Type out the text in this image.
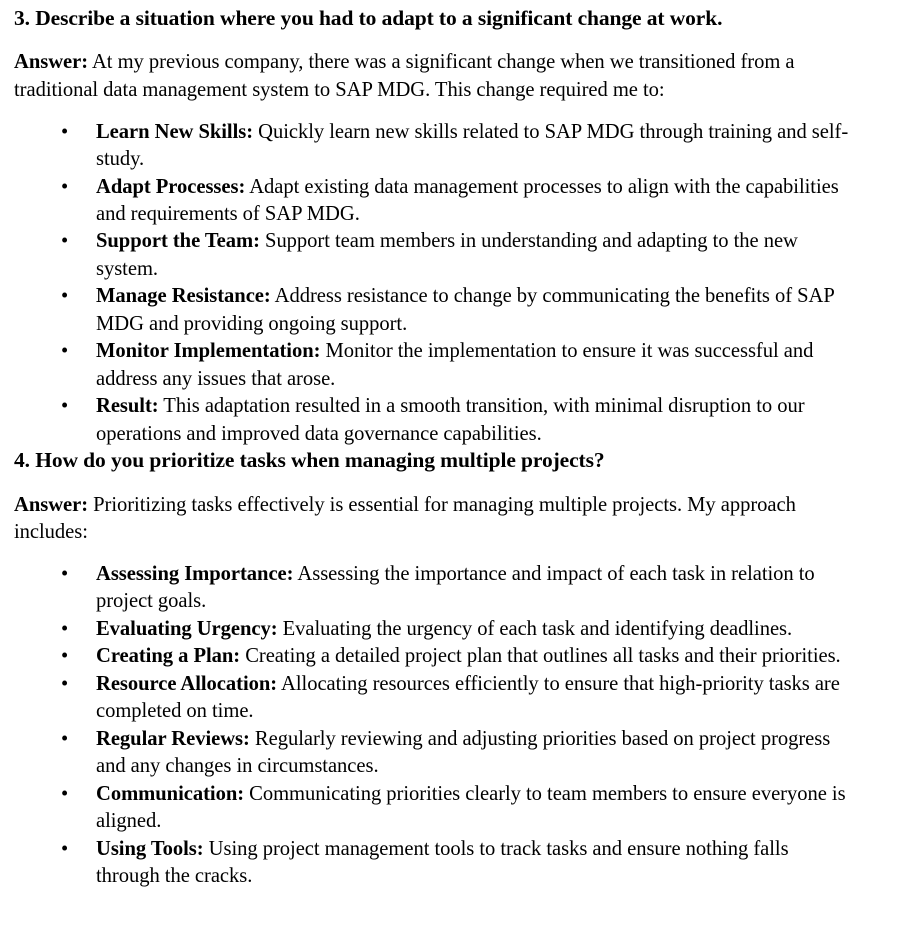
3. Describe a situation where you had to adapt to a significant change at work.

Answer: At my previous company, there was a significant change when we transitioned from a traditional data management system to SAP MDG. This change required me to:

• Learn New Skills: Quickly learn new skills related to SAP MDG through training and self-study.
• Adapt Processes: Adapt existing data management processes to align with the capabilities and requirements of SAP MDG.
• Support the Team: Support team members in understanding and adapting to the new system.
• Manage Resistance: Address resistance to change by communicating the benefits of SAP MDG and providing ongoing support.
• Monitor Implementation: Monitor the implementation to ensure it was successful and address any issues that arose.
• Result: This adaptation resulted in a smooth transition, with minimal disruption to our operations and improved data governance capabilities.
4. How do you prioritize tasks when managing multiple projects?

Answer: Prioritizing tasks effectively is essential for managing multiple projects. My approach includes:

• Assessing Importance: Assessing the importance and impact of each task in relation to project goals.
• Evaluating Urgency: Evaluating the urgency of each task and identifying deadlines.
• Creating a Plan: Creating a detailed project plan that outlines all tasks and their priorities.
• Resource Allocation: Allocating resources efficiently to ensure that high-priority tasks are completed on time.
• Regular Reviews: Regularly reviewing and adjusting priorities based on project progress and any changes in circumstances.
• Communication: Communicating priorities clearly to team members to ensure everyone is aligned.
• Using Tools: Using project management tools to track tasks and ensure nothing falls through the cracks.
